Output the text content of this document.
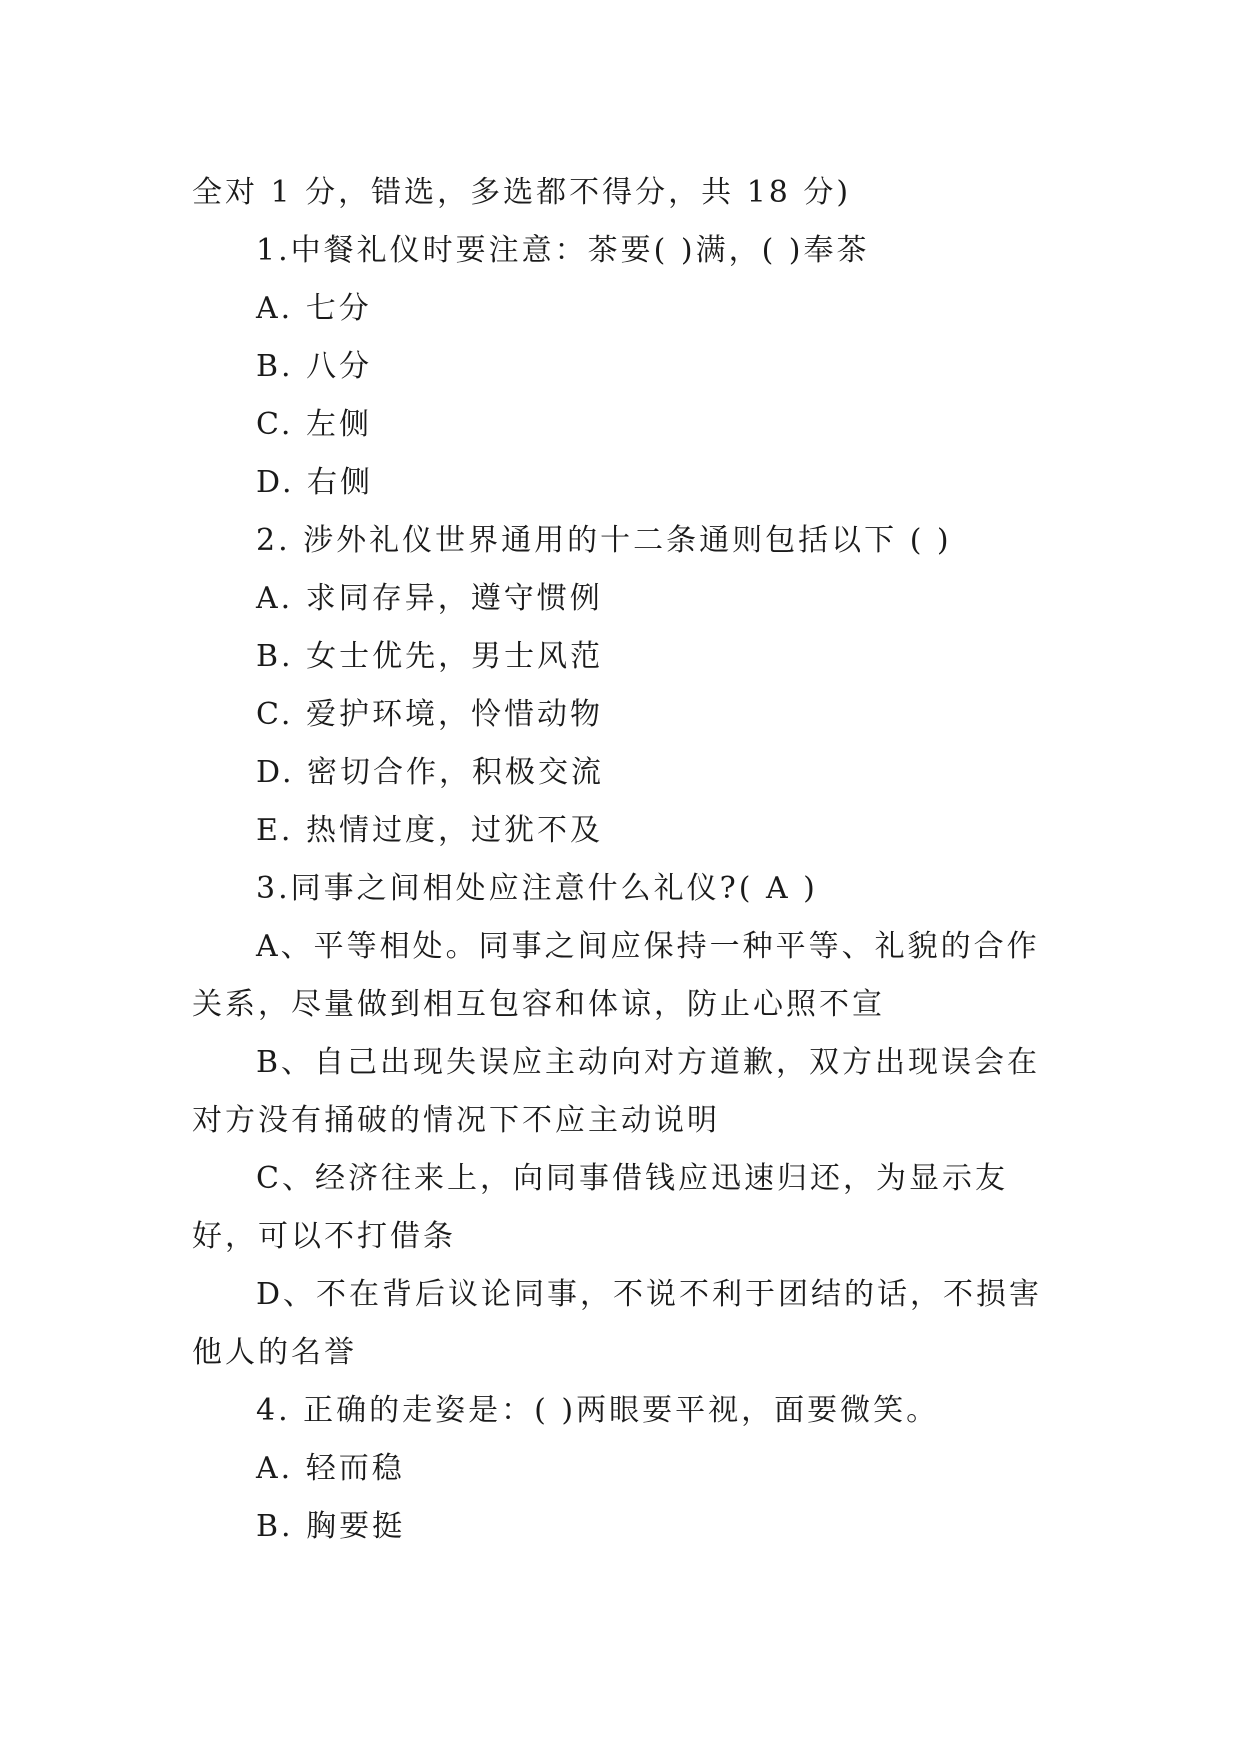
全对 1 分，错选，多选都不得分，共 18 分)

1.中餐礼仪时要注意：茶要( )满，( )奉茶

A. 七分

B. 八分

C. 左侧

D. 右侧

2. 涉外礼仪世界通用的十二条通则包括以下 ( )

A. 求同存异，遵守惯例

B. 女士优先，男士风范

C. 爱护环境，怜惜动物

D. 密切合作，积极交流

E. 热情过度，过犹不及

3.同事之间相处应注意什么礼仪?( A )

A、平等相处。同事之间应保持一种平等、礼貌的合作关系，尽量做到相互包容和体谅，防止心照不宣

B、自己出现失误应主动向对方道歉，双方出现误会在对方没有捅破的情况下不应主动说明

C、经济往来上，向同事借钱应迅速归还，为显示友好，可以不打借条

D、不在背后议论同事，不说不利于团结的话，不损害他人的名誉

4. 正确的走姿是：( )两眼要平视，面要微笑。

A. 轻而稳

B. 胸要挺
